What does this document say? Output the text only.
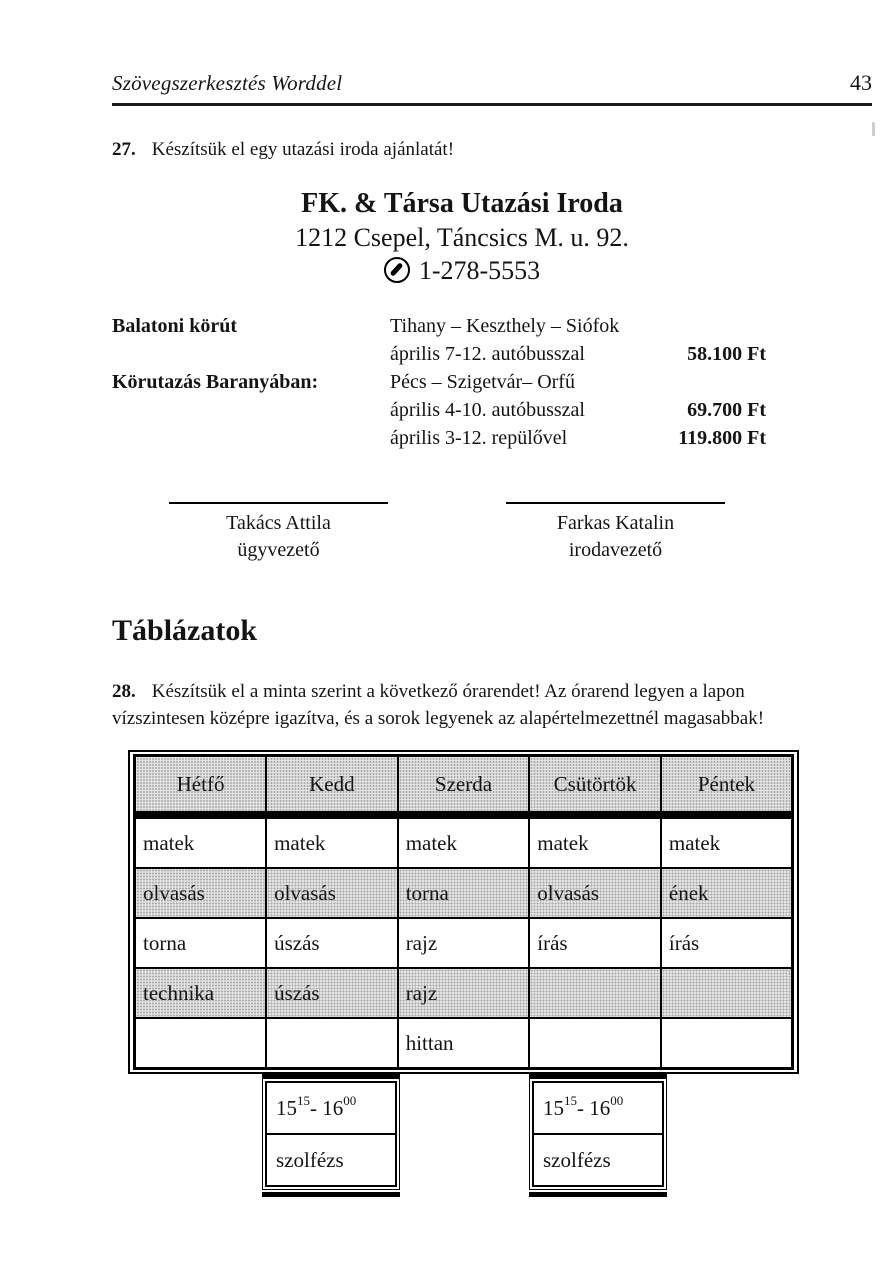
Szövegszerkesztés Worddel	43

27. Készítsük el egy utazási iroda ajánlatát!

FK. & Társa Utazási Iroda
1212 Csepel, Táncsics M. u. 92.
1-278-5553
Balatoni körút	Tihany – Keszthely – Siófok
április 7-12. autóbusszal	58.100 Ft
Körutazás Baranyában:	Pécs – Szigetvár– Orfű
április 4-10. autóbusszal	69.700 Ft
április 3-12. repülővel	119.800 Ft
Takács Attila
ügyvezető
Farkas Katalin
irodavezető
Táblázatok

28. Készítsük el a minta szerint a következő órarendet! Az órarend legyen a lapon vízszintesen középre igazítva, és a sorok legyenek az alapértelmezettnél magasabbak!

Hétfő	Kedd	Szerda	Csütörtök	Péntek
matek	matek	matek	matek	matek
olvasás	olvasás	torna	olvasás	ének
torna	úszás	rajz	írás	írás
technika	úszás	rajz		
		hittan		
$15^{15}$ -
$16^{00}$
szolfézs
$15^{15}$ -
$16^{00}$
szolfézs
